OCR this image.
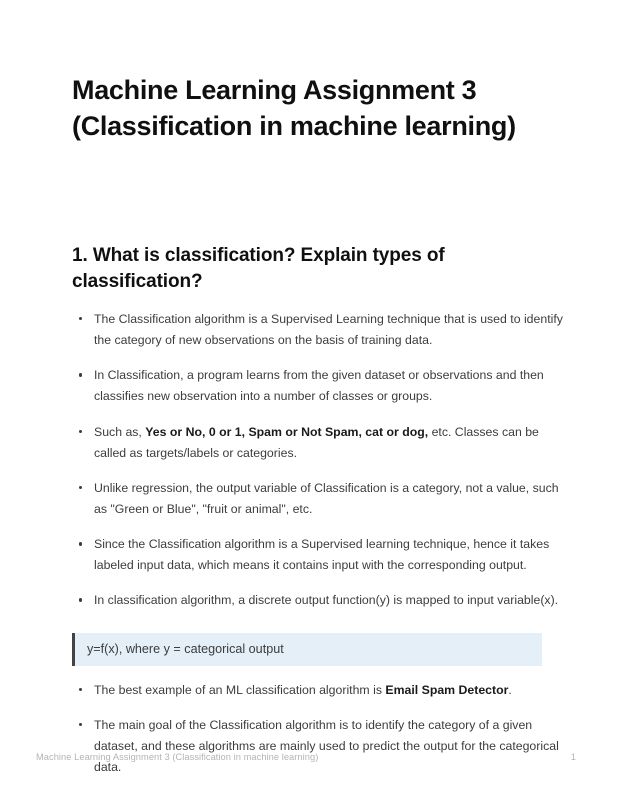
Machine Learning Assignment 3 (Classification in machine learning)
1. What is classification? Explain types of classification?
The Classification algorithm is a Supervised Learning technique that is used to identify the category of new observations on the basis of training data.
In Classification, a program learns from the given dataset or observations and then classifies new observation into a number of classes or groups.
Such as, Yes or No, 0 or 1, Spam or Not Spam, cat or dog, etc. Classes can be called as targets/labels or categories.
Unlike regression, the output variable of Classification is a category, not a value, such as "Green or Blue", "fruit or animal", etc.
Since the Classification algorithm is a Supervised learning technique, hence it takes labeled input data, which means it contains input with the corresponding output.
In classification algorithm, a discrete output function(y) is mapped to input variable(x).
y=f(x), where y = categorical output
The best example of an ML classification algorithm is Email Spam Detector.
The main goal of the Classification algorithm is to identify the category of a given dataset, and these algorithms are mainly used to predict the output for the categorical data.
Machine Learning Assignment 3 (Classification in machine learning)	1
